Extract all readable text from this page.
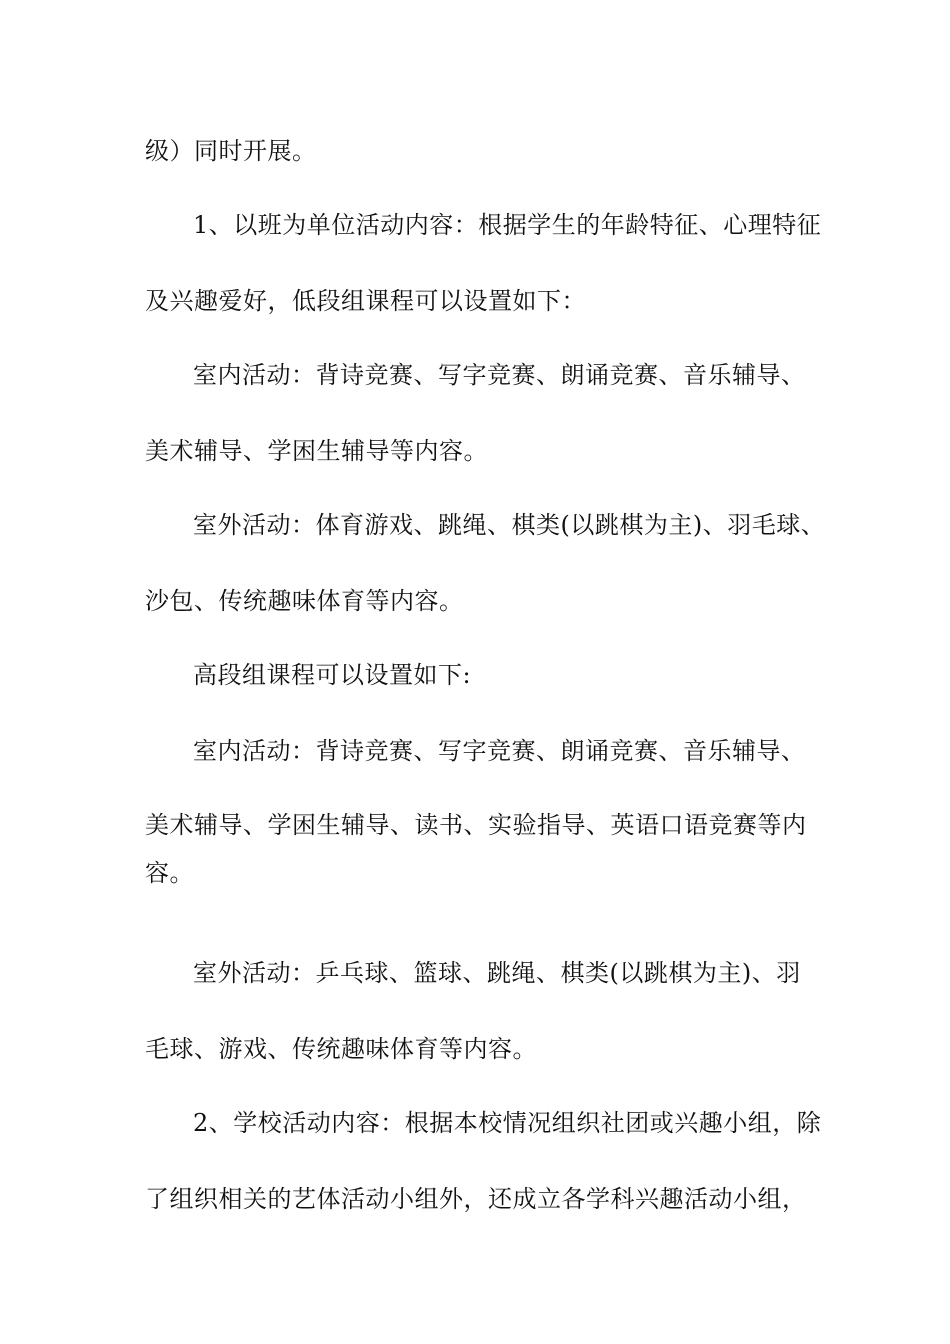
级）同时开展。
1、以班为单位活动内容：根据学生的年龄特征、心理特征
及兴趣爱好，低段组课程可以设置如下：
室内活动：背诗竞赛、写字竞赛、朗诵竞赛、音乐辅导、
美术辅导、学困生辅导等内容。
室外活动：体育游戏、跳绳、棋类(以跳棋为主)、羽毛球、
沙包、传统趣味体育等内容。
高段组课程可以设置如下:
室内活动：背诗竞赛、写字竞赛、朗诵竞赛、音乐辅导、
美术辅导、学困生辅导、读书、实验指导、英语口语竞赛等内
容。
室外活动：乒乓球、篮球、跳绳、棋类(以跳棋为主)、羽
毛球、游戏、传统趣味体育等内容。
2、学校活动内容：根据本校情况组织社团或兴趣小组，除
了组织相关的艺体活动小组外，还成立各学科兴趣活动小组，
